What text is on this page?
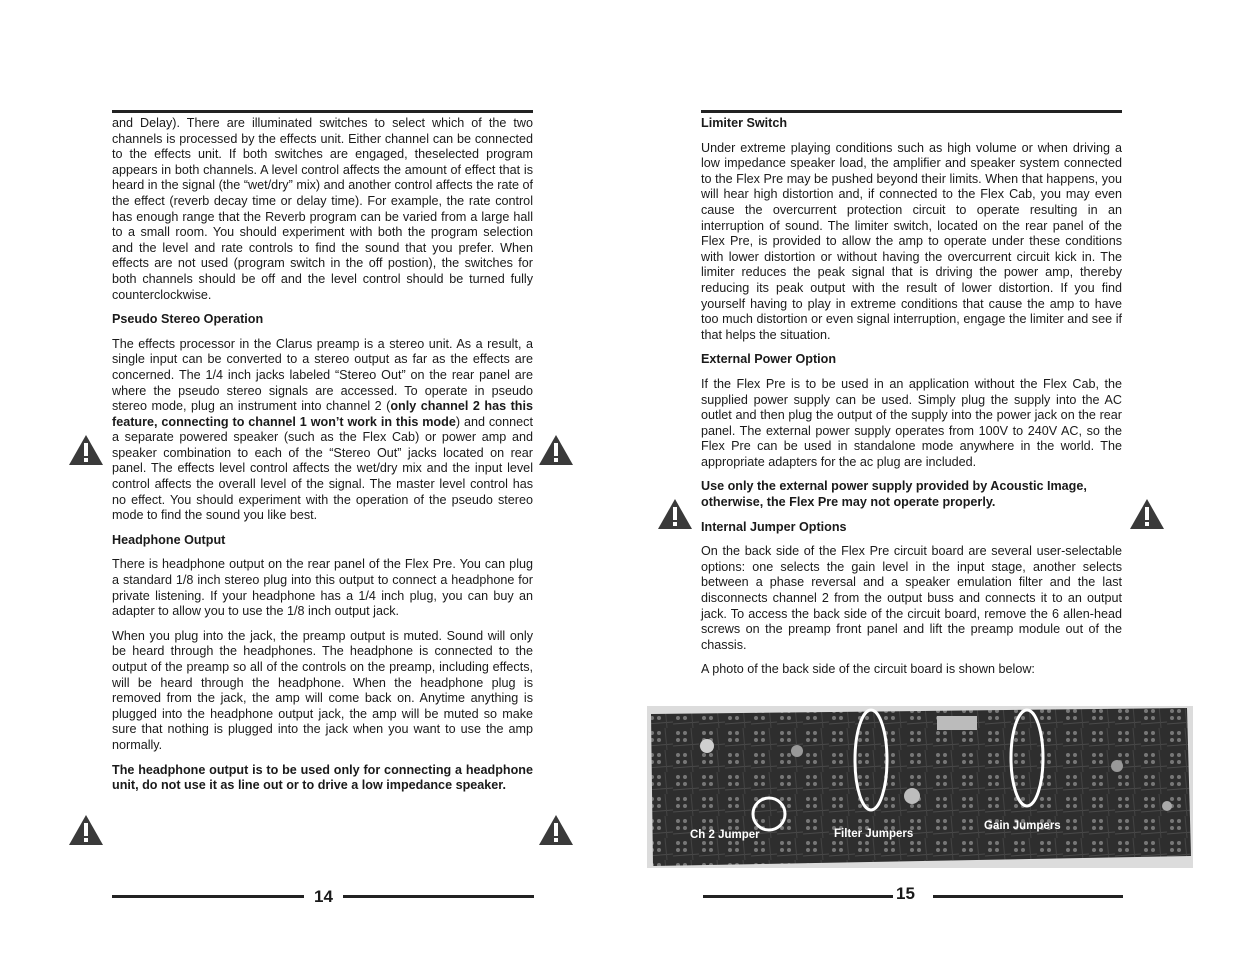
and Delay). There are illuminated switches to select which of the two channels is processed by the effects unit. Either channel can be connected to the effects unit. If both switches are engaged, theselected program appears in both channels. A level control affects the amount of effect that is heard in the signal (the “wet/dry” mix) and another control affects the rate of the effect (reverb decay time or delay time). For example, the rate control has enough range that the Reverb program can be varied from a large hall to a small room. You should experiment with both the program selection and the level and rate controls to find the sound that you prefer. When effects are not used (program switch in the off postion), the switches for both channels should be off and the level control should be turned fully counterclockwise.

Pseudo Stereo Operation

The effects processor in the Clarus preamp is a stereo unit. As a result, a single input can be converted to a stereo output as far as the effects are concerned. The 1/4 inch jacks labeled “Stereo Out” on the rear panel are where the pseudo stereo signals are accessed. To operate in pseudo stereo mode, plug an instrument into channel 2 (only channel 2 has this feature, connecting to channel 1 won’t work in this mode) and connect a separate powered speaker (such as the Flex Cab) or power amp and speaker combination to each of the “Stereo Out” jacks located on rear panel. The effects level control affects the wet/dry mix and the input level control affects the overall level of the signal. The master level control has no effect. You should experiment with the operation of the pseudo stereo mode to find the sound you like best.

Headphone Output

There is headphone output on the rear panel of the Flex Pre. You can plug a standard 1/8 inch stereo plug into this output to connect a headphone for private listening. If your headphone has a 1/4 inch plug, you can buy an adapter to allow you to use the 1/8 inch output jack.

When you plug into the jack, the preamp output is muted. Sound will only be heard through the headphones. The headphone is connected to the output of the preamp so all of the controls on the preamp, including effects, will be heard through the headphone. When the headphone plug is removed from the jack, the amp will come back on. Anytime anything is plugged into the headphone output jack, the amp will be muted so make sure that nothing is plugged into the jack when you want to use the amp normally.

The headphone output is to be used only for connecting a headphone unit, do not use it as line out or to drive a low impedance speaker.

Limiter Switch

Under extreme playing conditions such as high volume or when driving a low impedance speaker load, the amplifier and speaker system connected to the Flex Pre may be pushed beyond their limits. When that happens, you will hear high distortion and, if connected to the Flex Cab, you may even cause the overcurrent protection circuit to operate resulting in an interruption of sound. The limiter switch, located on the rear panel of the Flex Pre, is provided to allow the amp to operate under these conditions with lower distortion or without having the overcurrent circuit kick in. The limiter reduces the peak signal that is driving the power amp, thereby reducing its peak output with the result of lower distortion. If you find yourself having to play in extreme conditions that cause the amp to have too much distortion or even signal interruption, engage the limiter and see if that helps the situation.

External Power Option

If the Flex Pre is to be used in an application without the Flex Cab, the supplied power supply can be used. Simply plug the supply into the AC outlet and then plug the output of the supply into the power jack on the rear panel. The external power supply operates from 100V to 240V AC, so the Flex Pre can be used in standalone mode anywhere in the world. The appropriate adapters for the ac plug are included.

Use only the external power supply provided by Acoustic Image, otherwise, the Flex Pre may not operate properly.

Internal Jumper Options

On the back side of the Flex Pre circuit board are several user-selectable options: one selects the gain level in the input stage, another selects between a phase reversal and a speaker emulation filter and the last disconnects channel 2 from the output buss and connects it to an output jack. To access the back side of the circuit board, remove the 6 allen-head screws on the preamp front panel and lift the preamp module out of the chassis.

A photo of the back side of the circuit board is shown below:

Ch 2 Jumper	Filter Jumpers
Gain Jumpers
14	15
